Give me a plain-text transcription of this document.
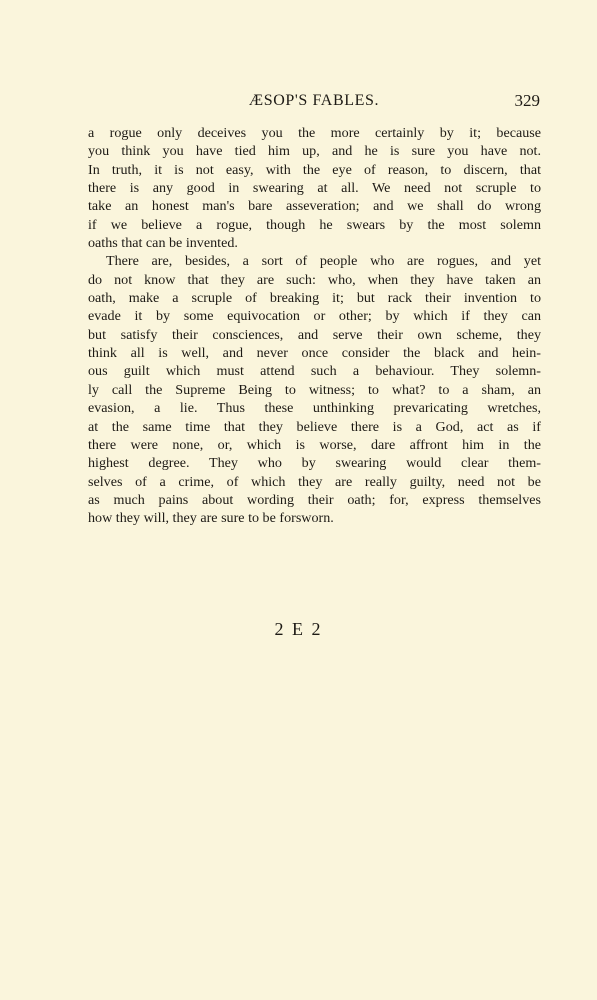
ÆSOP'S FABLES.	329
a rogue only deceives you the more certainly by it; because
you think you have tied him up, and he is sure you have not.
In truth, it is not easy, with the eye of reason, to discern, that
there is any good in swearing at all. We need not scruple to
take an honest man's bare asseveration; and we shall do wrong
if we believe a rogue, though he swears by the most solemn
oaths that can be invented.
There are, besides, a sort of people who are rogues, and yet
do not know that they are such: who, when they have taken an
oath, make a scruple of breaking it; but rack their invention to
evade it by some equivocation or other; by which if they can
but satisfy their consciences, and serve their own scheme, they
think all is well, and never once consider the black and hein-
ous guilt which must attend such a behaviour. They solemn-
ly call the Supreme Being to witness; to what? to a sham, an
evasion, a lie. Thus these unthinking prevaricating wretches,
at the same time that they believe there is a God, act as if
there were none, or, which is worse, dare affront him in the
highest degree. They who by swearing would clear them-
selves of a crime, of which they are really guilty, need not be
as much pains about wording their oath; for, express themselves
how they will, they are sure to be forsworn.
2 E 2
